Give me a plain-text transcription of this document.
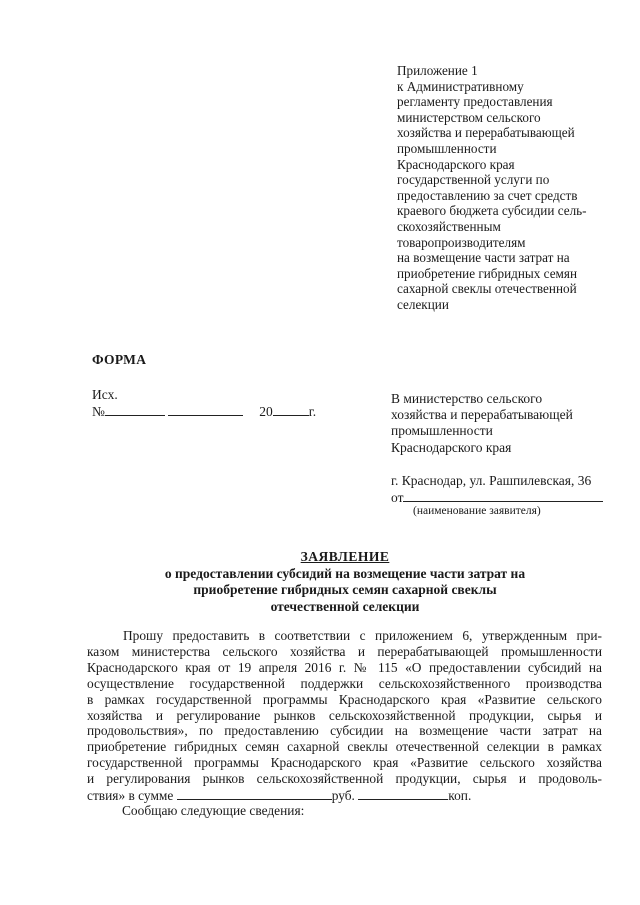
Приложение 1
к Административному
регламенту предоставления
министерством сельского
хозяйства и перерабатывающей
промышленности
Краснодарского края
государственной услуги по
предоставлению за счет средств
краевого бюджета субсидии сель-
скохозяйственным
товаропроизводителям
на возмещение части затрат на
приобретение гибридных семян
сахарной свеклы отечественной
селекции
ФОРМА
Исх.
№	20	г.
В министерство сельского
хозяйства и перерабатывающей
промышленности
Краснодарского края
г. Краснодар, ул. Рашпилевская, 36
от
(наименование заявителя)
ЗАЯВЛЕНИЕ
о предоставлении субсидий на возмещение части затрат на
приобретение гибридных семян сахарной свеклы
отечественной селекции
Прошу предоставить в соответствии с приложением 6, утвержденным при-
казом министерства сельского хозяйства и перерабатывающей промышленности
Краснодарского края от 19 апреля 2016 г. № 115 «О предоставлении субсидий на
осуществление государственной поддержки сельскохозяйственного производства
в рамках государственной программы Краснодарского края «Развитие сельского
хозяйства и регулирование рынков сельскохозяйственной продукции, сырья и
продовольствия», по предоставлению субсидии на возмещение части затрат на
приобретение гибридных семян сахарной свеклы отечественной селекции в рамках
государственной программы Краснодарского края «Развитие сельского хозяйства
и регулирования рынков сельскохозяйственной продукции, сырья и продоволь-
ствия» в сумме	руб.	коп.
Сообщаю следующие сведения:
